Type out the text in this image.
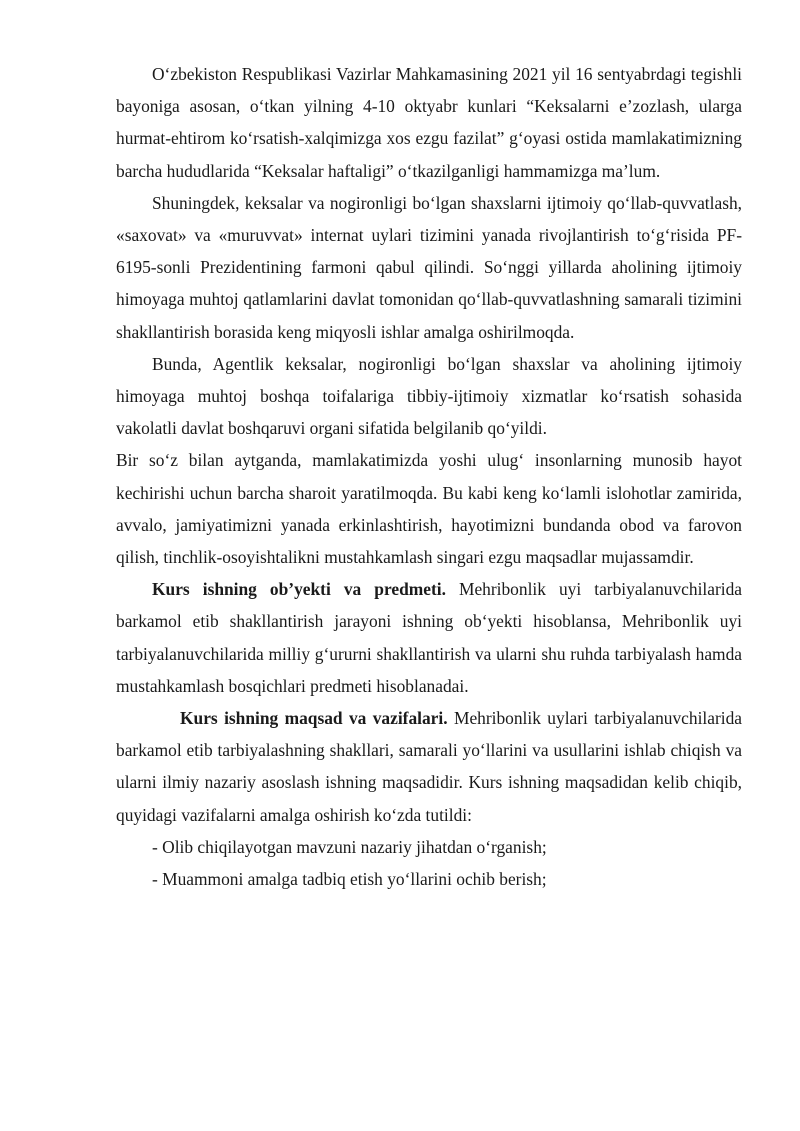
O‘zbekiston Respublikasi Vazirlar Mahkamasining 2021 yil 16 sentyabrdagi tegishli bayoniga asosan, o‘tkan yilning 4-10 oktyabr kunlari “Keksalarni e’zozlash, ularga hurmat-ehtirom ko‘rsatish-xalqimizga xos ezgu fazilat” g‘oyasi ostida mamlakatimizning barcha hududlarida “Keksalar haftaligi” o‘tkazilganligi hammamizga ma’lum.

Shuningdek, keksalar va nogironligi bo‘lgan shaxslarni ijtimoiy qo‘llab-quvvatlash, «saxovat» va «muruvvat» internat uylari tizimini yanada rivojlantirish to‘g‘risida PF-6195-sonli Prezidentining farmoni qabul qilindi. So‘nggi yillarda aholining ijtimoiy himoyaga muhtoj qatlamlarini davlat tomonidan qo‘llab-quvvatlashning samarali tizimini shakllantirish borasida keng miqyosli ishlar amalga oshirilmoqda.

Bunda, Agentlik keksalar, nogironligi bo‘lgan shaxslar va aholining ijtimoiy himoyaga muhtoj boshqa toifalariga tibbiy-ijtimoiy xizmatlar ko‘rsatish sohasida vakolatli davlat boshqaruvi organi sifatida belgilanib qo‘yildi.

Bir so‘z bilan aytganda, mamlakatimizda yoshi ulug‘ insonlarning munosib hayot kechirishi uchun barcha sharoit yaratilmoqda. Bu kabi keng ko‘lamli islohotlar zamirida, avvalo, jamiyatimizni yanada erkinlashtirish, hayotimizni bundanda obod va farovon qilish, tinchlik-osoyishtalikni mustahkamlash singari ezgu maqsadlar mujassamdir.

Kurs ishning ob’yekti va predmeti. Mehribonlik uyi tarbiyalanuvchilarida barkamol etib shakllantirish jarayoni ishning ob‘yekti hisoblansa, Mehribonlik uyi tarbiyalanuvchilarida milliy g‘ururni shakllantirish va ularni shu ruhda tarbiyalash hamda mustahkamlash bosqichlari predmeti hisoblanadai.

Kurs ishning maqsad va vazifalari. Mehribonlik uylari tarbiyalanuvchilarida barkamol etib tarbiyalashning shakllari, samarali yo‘llarini va usullarini ishlab chiqish va ularni ilmiy nazariy asoslash ishning maqsadidir. Kurs ishning maqsadidan kelib chiqib, quyidagi vazifalarni amalga oshirish ko‘zda tutildi:

- Olib chiqilayotgan mavzuni nazariy jihatdan o‘rganish;

- Muammoni amalga tadbiq etish yo‘llarini ochib berish;
